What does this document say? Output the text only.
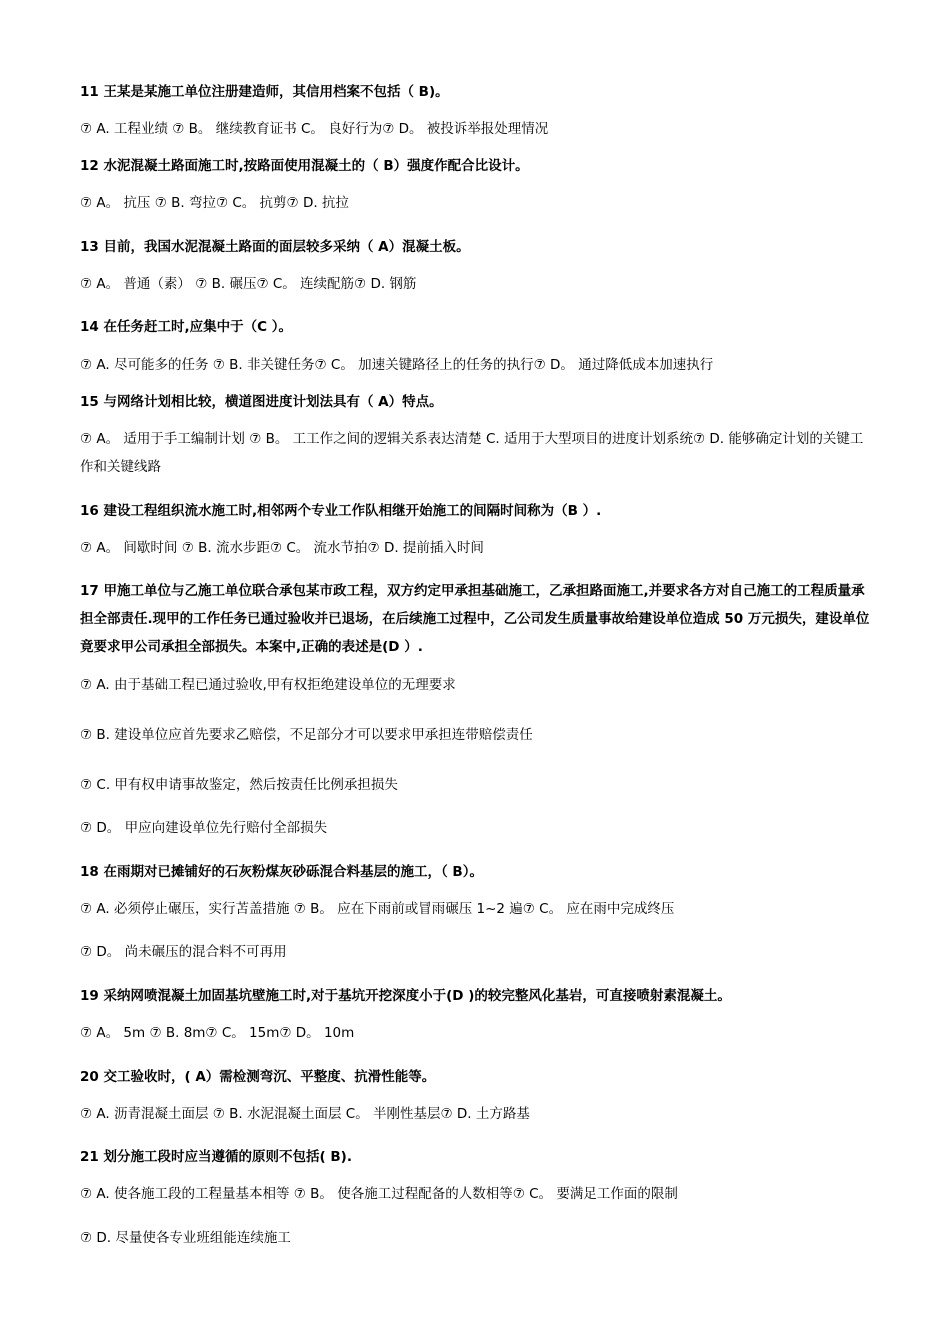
11 王某是某施工单位注册建造师，其信用档案不包括（ B)。
⑦ A. 工程业绩 ⑦ B。 继续教育证书 C。 良好行为⑦ D。 被投诉举报处理情况
12 水泥混凝土路面施工时,按路面使用混凝土的（ B）强度作配合比设计。
⑦ A。 抗压 ⑦ B. 弯拉⑦ C。 抗剪⑦ D. 抗拉
13 目前，我国水泥混凝土路面的面层较多采纳（ A）混凝土板。
⑦ A。 普通（素） ⑦ B. 碾压⑦ C。 连续配筋⑦ D. 钢筋
14 在任务赶工时,应集中于（C ）。
⑦ A. 尽可能多的任务 ⑦ B. 非关键任务⑦ C。 加速关键路径上的任务的执行⑦ D。 通过降低成本加速执行
15 与网络计划相比较，横道图进度计划法具有（ A）特点。
⑦ A。 适用于手工编制计划 ⑦ B。 工工作之间的逻辑关系表达清楚 C. 适用于大型项目的进度计划系统⑦ D. 能够确定计划的关键工作和关键线路
16 建设工程组织流水施工时,相邻两个专业工作队相继开始施工的间隔时间称为（B ）.
⑦ A。 间歇时间 ⑦ B. 流水步距⑦ C。 流水节拍⑦ D. 提前插入时间
17 甲施工单位与乙施工单位联合承包某市政工程，双方约定甲承担基础施工，乙承担路面施工,并要求各方对自己施工的工程质量承担全部责任.现甲的工作任务已通过验收并已退场，在后续施工过程中，乙公司发生质量事故给建设单位造成 50 万元损失，建设单位竟要求甲公司承担全部损失。本案中,正确的表述是(D ）.
⑦ A. 由于基础工程已通过验收,甲有权拒绝建设单位的无理要求
⑦ B. 建设单位应首先要求乙赔偿，不足部分才可以要求甲承担连带赔偿责任
⑦ C. 甲有权申请事故鉴定，然后按责任比例承担损失
⑦ D。 甲应向建设单位先行赔付全部损失
18 在雨期对已摊铺好的石灰粉煤灰砂砾混合料基层的施工，（ B）。
⑦ A. 必须停止碾压，实行苫盖措施 ⑦ B。 应在下雨前或冒雨碾压 1~2 遍⑦ C。 应在雨中完成终压
⑦ D。 尚未碾压的混合料不可再用
19 采纳网喷混凝土加固基坑壁施工时,对于基坑开挖深度小于(D )的较完整风化基岩，可直接喷射素混凝土。
⑦ A。 5m ⑦ B. 8m⑦ C。 15m⑦ D。 10m
20 交工验收时，( A）需检测弯沉、平整度、抗滑性能等。
⑦ A. 沥青混凝土面层 ⑦ B. 水泥混凝土面层 C。 半刚性基层⑦ D. 土方路基
21 划分施工段时应当遵循的原则不包括( B).
⑦ A. 使各施工段的工程量基本相等 ⑦ B。 使各施工过程配备的人数相等⑦ C。 要满足工作面的限制
⑦ D. 尽量使各专业班组能连续施工
